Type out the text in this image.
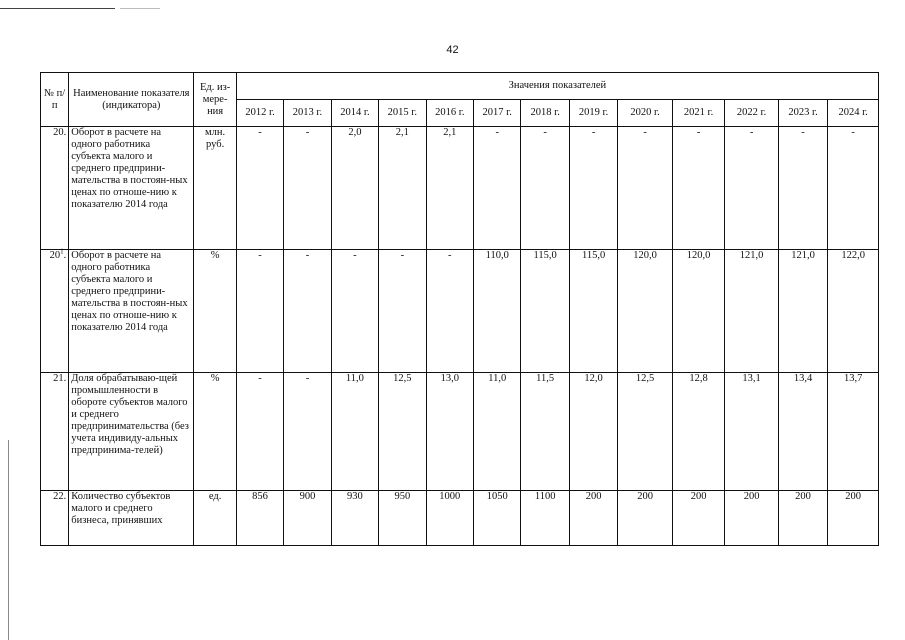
42
№ п/п	Наименование показателя (индикатора)	Ед. из-мере-ния	Значения показателей												
			2012 г.	2013 г.	2014 г.	2015 г.	2016 г.	2017 г.	2018 г.	2019 г.	2020 г.	2021 г.	2022 г.	2023 г.	2024 г.
20.	Оборот в расчете на одного работника субъекта малого и среднего предприни-мательства в постоян-ных ценах по отноше-нию к показателю 2014 года	млн. руб.	-	-	2,0	2,1	2,1	-	-	-	-	-	-	-	-
$20^1$.	Оборот в расчете на одного работника субъекта малого и среднего предприни-мательства в постоян-ных ценах по отноше-нию к показателю 2014 года	%	-	-	-	-	-	110,0	115,0	115,0	120,0	120,0	121,0	121,0	122,0
21.	Доля обрабатываю-щей промышленности в обороте субъектов малого и среднего предпринимательства (без учета индивиду-альных предпринима-телей)	%	-	-	11,0	12,5	13,0	11,0	11,5	12,0	12,5	12,8	13,1	13,4	13,7
22.	Количество субъектов малого и среднего бизнеса, принявших	ед.	856	900	930	950	1000	1050	1100	200	200	200	200	200	200
